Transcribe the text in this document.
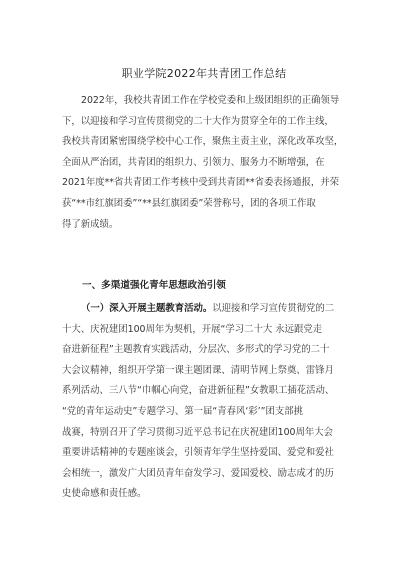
职业学院2022年共青团工作总结
2022年，我校共青团工作在学校党委和上级团组织的正确领导
下，以迎接和学习宣传贯彻党的二十大作为贯穿全年的工作主线，
我校共青团紧密围绕学校中心工作，聚焦主责主业，深化改革攻坚，
全面从严治团，共青团的组织力、引领力、服务力不断增强，在
2021年度**省共青团工作考核中受到共青团**省委表扬通报，并荣
获“**市红旗团委”“**县红旗团委”荣誉称号，团的各项工作取
得了新成绩。
一、多渠道强化青年思想政治引领
（一）深入开展主题教育活动。以迎接和学习宣传贯彻党的二
十大、庆祝建团100周年为契机，开展“学习二十大 永远跟党走
奋进新征程”主题教育实践活动，分层次、多形式的学习党的二十
大会议精神，组织开学第一课主题团课、清明节网上祭奠、雷锋月
系列活动、三八节“巾帼心向党，奋进新征程”女教职工插花活动、
“党的青年运动史”专题学习、第一届“青春风‘彩’”团支部挑
战赛，特别召开了学习贯彻习近平总书记在庆祝建团100周年大会
重要讲话精神的专题座谈会，引领青年学生坚持爱国、爱党和爱社
会相统一，激发广大团员青年奋发学习、爱国爱校、励志成才的历
史使命感和责任感。
